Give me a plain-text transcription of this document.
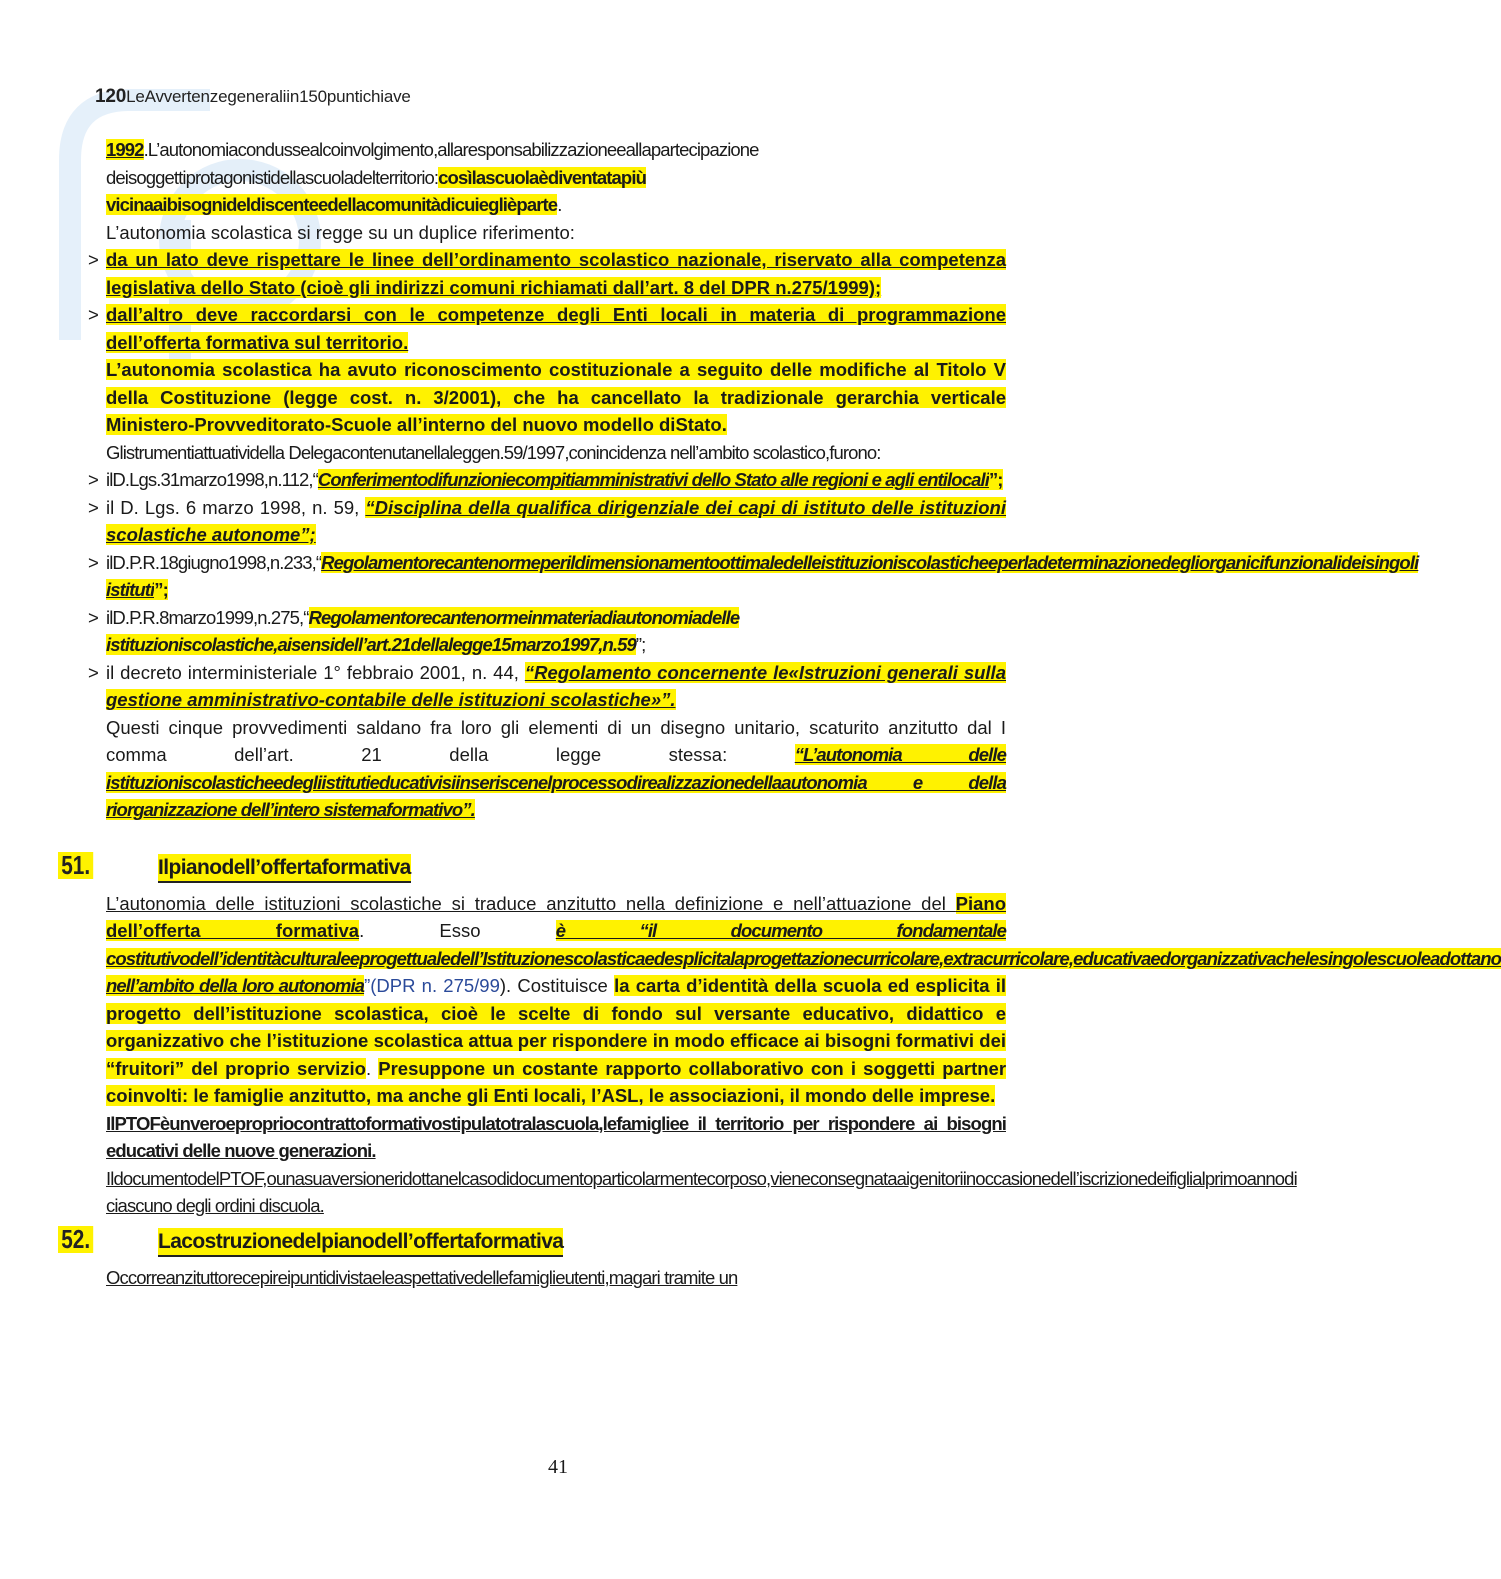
120LeAvvertenzegeneraliin150puntichiave

1992.L’autonomiacondussealcoinvolgimento,allaresponsabilizzazioneeallapartecipazione deisoggettiprotagonistidellascuoladelterritorio:cosìlascuolaèdiventatapiù vicinaaibisognideldiscenteedellacomunitàdicuieglièparte.

L’autonomia scolastica si regge su un duplice riferimento:

> da un lato deve rispettare le linee dell’ordinamento scolastico nazionale, riservato alla competenza legislativa dello Stato (cioè gli indirizzi comuni richiamati dall’art. 8 del DPR n.275/1999);
> dall’altro deve raccordarsi con le competenze degli Enti locali in materia di programmazione dell’offerta formativa sul territorio.

L’autonomia scolastica ha avuto riconoscimento costituzionale a seguito delle modifiche al Titolo V della Costituzione (legge cost. n. 3/2001), che ha cancellato la tradizionale gerarchia verticale Ministero-Provveditorato-Scuole all’interno del nuovo modello diStato.

Glistrumentiattuatividella Delegacontenutanellaleggen.59/1997,conincidenza nell’ambito scolastico,furono:

> ilD.Lgs.31marzo1998,n.112,“Conferimentodifunzioniecompitiamministrativi dello Stato alle regioni e agli entilocali”;
> il D. Lgs. 6 marzo 1998, n. 59, “Disciplina della qualifica dirigenziale dei capi di istituto delle istituzioni scolastiche autonome”;
> ilD.P.R.18giugno1998,n.233,“Regolamentorecantenormeperildimensionamentoottimaledelleistituzioniscolasticheeperladeterminazionedegliorganicifunzionalideisingoli istituti”;
> ilD.P.R.8marzo1999,n.275,“Regolamentorecantenormeinmateriadiautonomiadelle istituzioniscolastiche,aisensidell’art.21dellalegge15marzo1997,n.59”;
> il decreto interministeriale 1° febbraio 2001, n. 44, “Regolamento concernente le«Istruzioni generali sulla gestione amministrativo-contabile delle istituzioni scolastiche»”.

Questi cinque provvedimenti saldano fra loro gli elementi di un disegno unitario, scaturito anzitutto dal I comma dell’art. 21 della legge stessa: “L’autonomia delle istituzioniscolasticheedegliistitutieducativisiinseriscenelprocessodirealizzazionedellaautonomia e della riorganizzazione dell’intero sistemaformativo”.

51.	Ilpianodell’offertaformativa

L’autonomia delle istituzioni scolastiche si traduce anzitutto nella definizione e nell’attuazione del Piano dell’offerta formativa. Esso è “il documento fondamentale costitutivodell’identitàculturaleeprogettualedell’Istituzionescolasticaedesplicitalaprogettazionecurricolare,extracurricolare,educativaedorganizzativachelesingolescuoleadottano nell’ambito della loro autonomia”(DPR n. 275/99). Costituisce la carta d’identità della scuola ed esplicita il progetto dell’istituzione scolastica, cioè le scelte di fondo sul versante educativo, didattico e organizzativo che l’istituzione scolastica attua per rispondere in modo efficace ai bisogni formativi dei “fruitori” del proprio servizio. Presuppone un costante rapporto collaborativo con i soggetti partner coinvolti: le famiglie anzitutto, ma anche gli Enti locali, l’ASL, le associazioni, il mondo delle imprese.

IlPTOFèunveroepropriocontrattoformativostipulatotralascuola,lefamigliee il territorio per rispondere ai bisogni educativi delle nuove generazioni.

IldocumentodelPTOF,ounasuaversioneridottanelcasodidocumentoparticolarmentecorposo,vieneconsegnataaigenitoriinoccasionedell’iscrizionedeifiglialprimoannodi ciascuno degli ordini discuola.

52.	Lacostruzionedelpianodell’offertaformativa

Occorreanzituttorecepireipuntidivistaeleaspettativedellefamiglieutenti,magari tramite un

41
